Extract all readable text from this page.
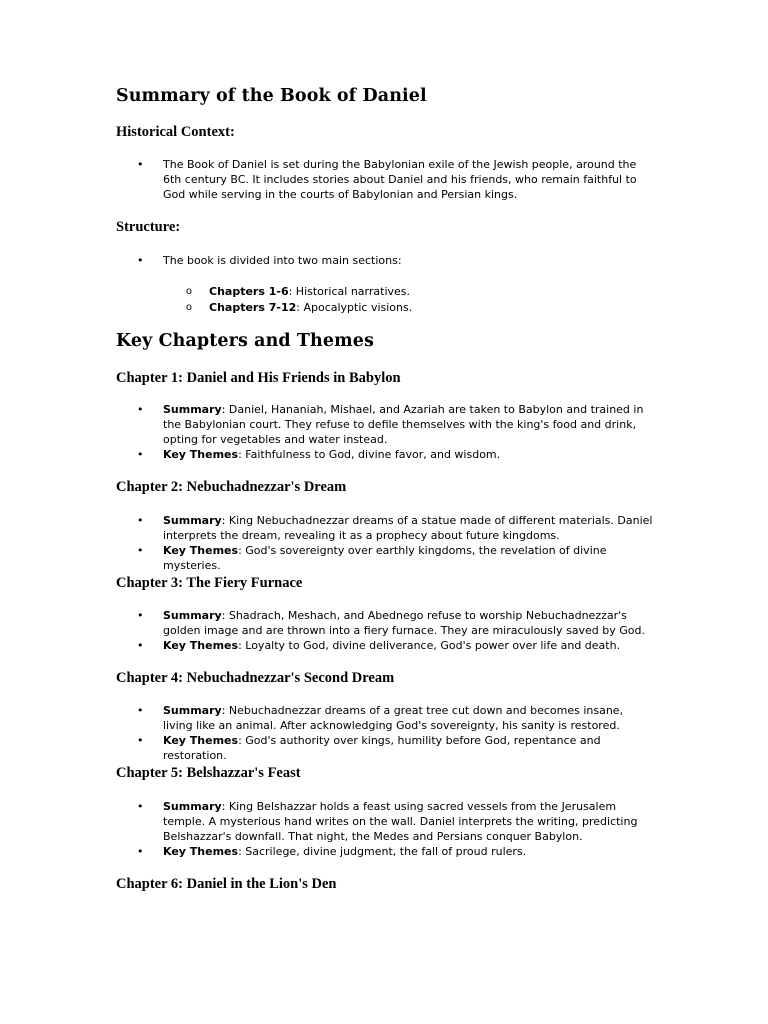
Summary of the Book of Daniel
Historical Context:
• The Book of Daniel is set during the Babylonian exile of the Jewish people, around the 6th century BC. It includes stories about Daniel and his friends, who remain faithful to God while serving in the courts of Babylonian and Persian kings.
Structure:
• The book is divided into two main sections:
o Chapters 1-6: Historical narratives.
o Chapters 7-12: Apocalyptic visions.
Key Chapters and Themes
Chapter 1: Daniel and His Friends in Babylon
• Summary: Daniel, Hananiah, Mishael, and Azariah are taken to Babylon and trained in the Babylonian court. They refuse to defile themselves with the king's food and drink, opting for vegetables and water instead.
• Key Themes: Faithfulness to God, divine favor, and wisdom.
Chapter 2: Nebuchadnezzar's Dream
• Summary: King Nebuchadnezzar dreams of a statue made of different materials. Daniel interprets the dream, revealing it as a prophecy about future kingdoms.
• Key Themes: God's sovereignty over earthly kingdoms, the revelation of divine mysteries.
Chapter 3: The Fiery Furnace
• Summary: Shadrach, Meshach, and Abednego refuse to worship Nebuchadnezzar's golden image and are thrown into a fiery furnace. They are miraculously saved by God.
• Key Themes: Loyalty to God, divine deliverance, God's power over life and death.
Chapter 4: Nebuchadnezzar's Second Dream
• Summary: Nebuchadnezzar dreams of a great tree cut down and becomes insane, living like an animal. After acknowledging God's sovereignty, his sanity is restored.
• Key Themes: God's authority over kings, humility before God, repentance and restoration.
Chapter 5: Belshazzar's Feast
• Summary: King Belshazzar holds a feast using sacred vessels from the Jerusalem temple. A mysterious hand writes on the wall. Daniel interprets the writing, predicting Belshazzar's downfall. That night, the Medes and Persians conquer Babylon.
• Key Themes: Sacrilege, divine judgment, the fall of proud rulers.
Chapter 6: Daniel in the Lion's Den
